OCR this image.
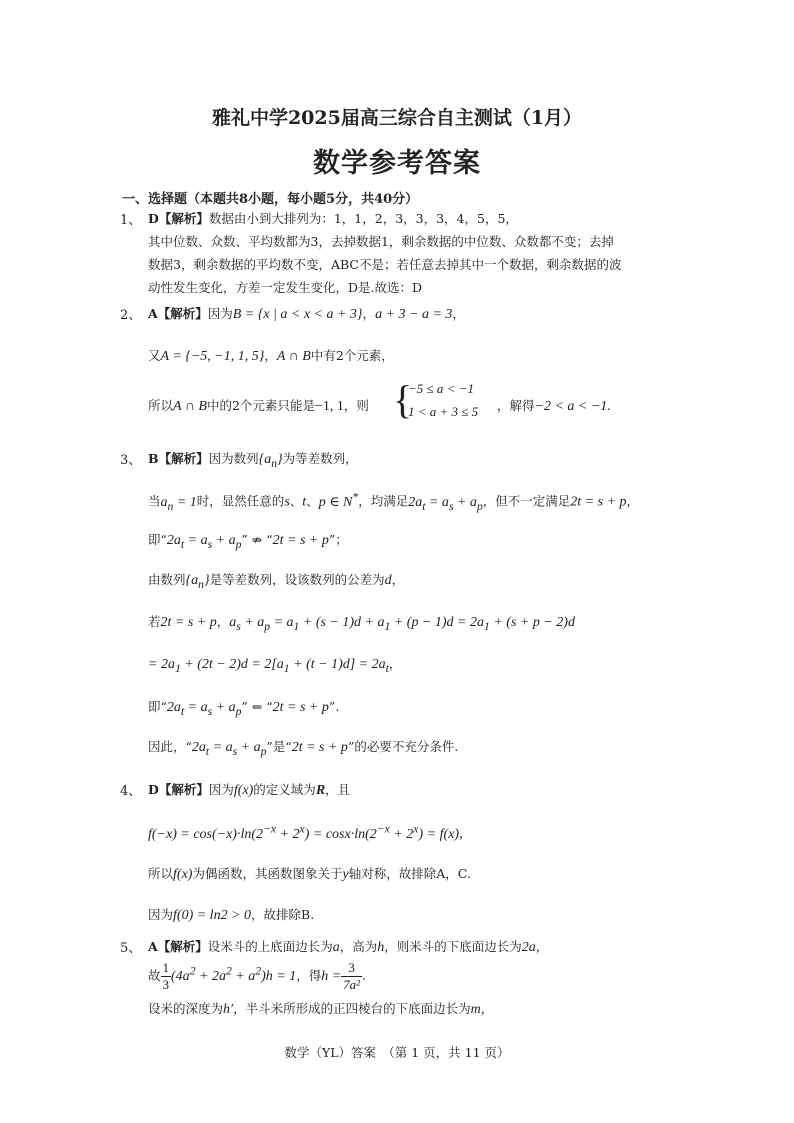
雅礼中学2025届高三综合自主测试（1月）
数学参考答案
一、选择题（本题共8小题，每小题5分，共40分）
1、 D【解析】数据由小到大排列为：1，1，2，3，3，3，4，5，5，
其中位数、众数、平均数都为3，去掉数据1，剩余数据的中位数、众数都不变；去掉
数据3，剩余数据的平均数不变，ABC不是；若任意去掉其中一个数据，剩余数据的波
动性发生变化，方差一定发生变化，D是.故选：D
2、 A【解析】因为B = {x | a < x < a + 3}，a + 3 − a = 3，
又A = {−5, −1, 1, 5}，A ∩ B中有2个元素，
所以A ∩ B中的2个元素只能是−1, 1，则 {
−5 ≤ a < −1
1 < a + 3 ≤ 5 ，解得−2 < a < −1.
3、 B【解析】因为数列$\{a_n\}$为等差数列，
当$a_n = 1$时，显然任意的s、t、p ∈ N*，均满足$2a_t = a_s + a_p$，但不一定满足2t = s + p，
即“$2a_t = a_s + a_p$” ⇏ “2t = s + p”；
由数列$\{a_n\}$是等差数列，设该数列的公差为d，
若2t = s + p，$a_s + a_p = a_1 + (s - 1)d + a_1 + (p - 1)d = 2a_1 + (s + p - 2)d$
= $2a_1 + (2t - 2)d = 2[a_1 + (t - 1)d] = 2a_t$，
即“$2a_t = a_s + a_p$” ⇐ “2t = s + p”.
因此，“$2a_t = a_s + a_p$”是“2t = s + p”的必要不充分条件.
4、 D【解析】因为f(x)的定义域为R，且
$f(-x) = \cos(-x)\cdot\ln(2^{-x} + 2^x) = \cos x\cdot\ln(2^{-x} + 2^x) = f(x)$，
所以f(x)为偶函数，其函数图象关于y轴对称，故排除A，C.
因为f(0) = ln2 > 0，故排除B.
5、 A【解析】设米斗的上底面边长为a，高为h，则米斗的下底面边长为2a，
故 $\frac{1}{3} (4a^2 + 2a^2 + a^2)h = 1$，得$h = \frac{3}{\text{7a²}}$ .
设米的深度为h′，半斗米所形成的正四棱台的下底面边长为m，
数学（YL）答案　（第 1 页，共 11 页）
